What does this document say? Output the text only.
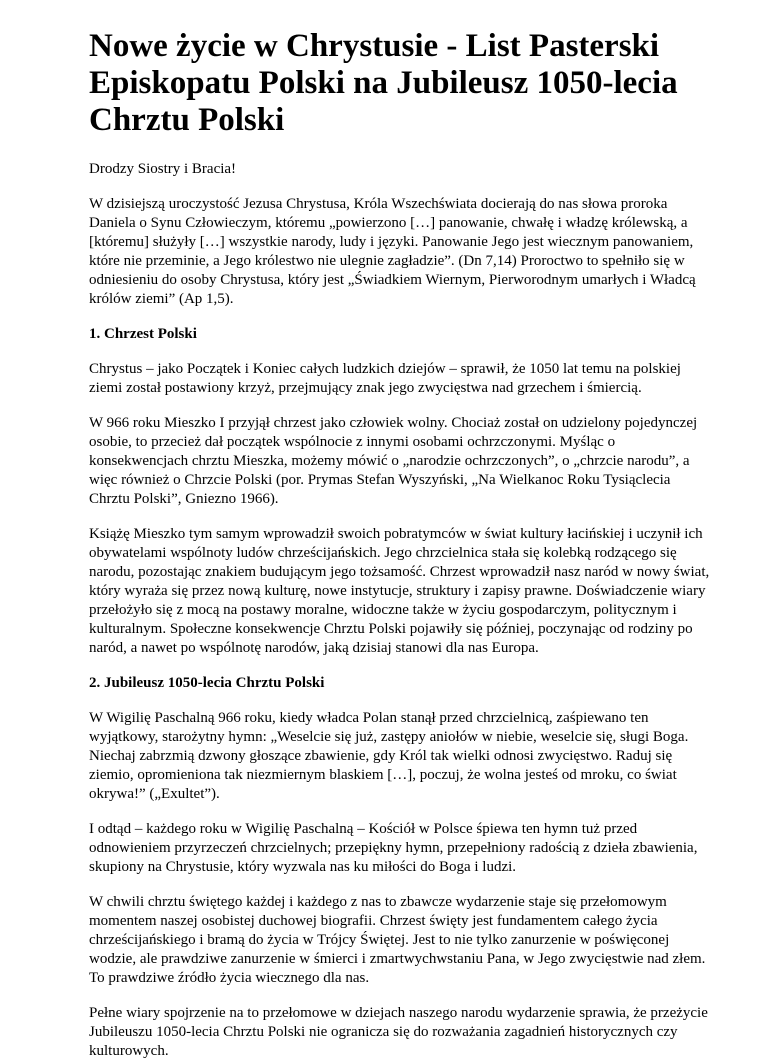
Nowe życie w Chrystusie - List Pasterski Episkopatu Polski na Jubileusz 1050-lecia Chrztu Polski

Drodzy Siostry i Bracia!

W dzisiejszą uroczystość Jezusa Chrystusa, Króla Wszechświata docierają do nas słowa proroka Daniela o Synu Człowieczym, któremu „powierzono […] panowanie, chwałę i władzę królewską, a [któremu] służyły […] wszystkie narody, ludy i języki. Panowanie Jego jest wiecznym panowaniem, które nie przeminie, a Jego królestwo nie ulegnie zagładzie”. (Dn 7,14) Proroctwo to spełniło się w odniesieniu do osoby Chrystusa, który jest „Świadkiem Wiernym, Pierworodnym umarłych i Władcą królów ziemi” (Ap 1,5).

1. Chrzest Polski

Chrystus – jako Początek i Koniec całych ludzkich dziejów – sprawił, że 1050 lat temu na polskiej ziemi został postawiony krzyż, przejmujący znak jego zwycięstwa nad grzechem i śmiercią.

W 966 roku Mieszko I przyjął chrzest jako człowiek wolny. Chociaż został on udzielony pojedynczej osobie, to przecież dał początek wspólnocie z innymi osobami ochrzczonymi. Myśląc o konsekwencjach chrztu Mieszka, możemy mówić o „narodzie ochrzczonych”, o „chrzcie narodu”, a więc również o Chrzcie Polski (por. Prymas Stefan Wyszyński, „Na Wielkanoc Roku Tysiąclecia Chrztu Polski”, Gniezno 1966).

Książę Mieszko tym samym wprowadził swoich pobratymców w świat kultury łacińskiej i uczynił ich obywatelami wspólnoty ludów chrześcijańskich. Jego chrzcielnica stała się kolebką rodzącego się narodu, pozostając znakiem budującym jego tożsamość. Chrzest wprowadził nasz naród w nowy świat, który wyraża się przez nową kulturę, nowe instytucje, struktury i zapisy prawne. Doświadczenie wiary przełożyło się z mocą na postawy moralne, widoczne także w życiu gospodarczym, politycznym i kulturalnym. Społeczne konsekwencje Chrztu Polski pojawiły się później, poczynając od rodziny po naród, a nawet po wspólnotę narodów, jaką dzisiaj stanowi dla nas Europa.

2. Jubileusz 1050-lecia Chrztu Polski

W Wigilię Paschalną 966 roku, kiedy władca Polan stanął przed chrzcielnicą, zaśpiewano ten wyjątkowy, starożytny hymn: „Weselcie się już, zastępy aniołów w niebie, weselcie się, sługi Boga. Niechaj zabrzmią dzwony głoszące zbawienie, gdy Król tak wielki odnosi zwycięstwo. Raduj się ziemio, opromieniona tak niezmiernym blaskiem […], poczuj, że wolna jesteś od mroku, co świat okrywa!” („Exultet”).

I odtąd – każdego roku w Wigilię Paschalną – Kościół w Polsce śpiewa ten hymn tuż przed odnowieniem przyrzeczeń chrzcielnych; przepiękny hymn, przepełniony radością z dzieła zbawienia, skupiony na Chrystusie, który wyzwala nas ku miłości do Boga i ludzi.

W chwili chrztu świętego każdej i każdego z nas to zbawcze wydarzenie staje się przełomowym momentem naszej osobistej duchowej biografii. Chrzest święty jest fundamentem całego życia chrześcijańskiego i bramą do życia w Trójcy Świętej. Jest to nie tylko zanurzenie w poświęconej wodzie, ale prawdziwe zanurzenie w śmierci i zmartwychwstaniu Pana, w Jego zwycięstwie nad złem. To prawdziwe źródło życia wiecznego dla nas.

Pełne wiary spojrzenie na to przełomowe w dziejach naszego narodu wydarzenie sprawia, że przeżycie Jubileuszu 1050-lecia Chrztu Polski nie ogranicza się do rozważania zagadnień historycznych czy kulturowych.
